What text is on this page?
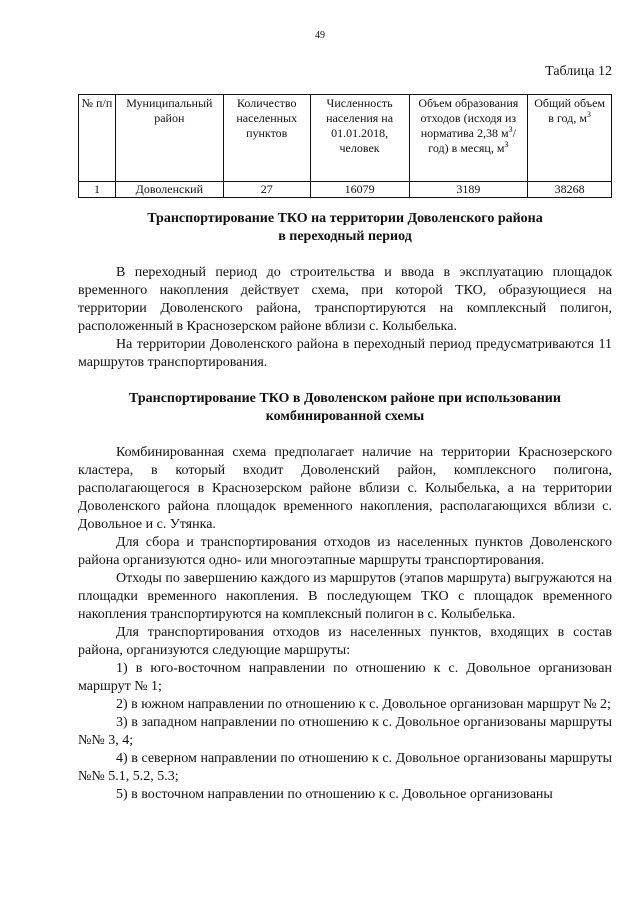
49
Таблица 12
№ п/п	Муниципальный район	Количество населенных пунктов	Численность населения на 01.01.2018, человек	Объем образования отходов (исходя из норматива 2,38 $м^3/год$) в месяц, $м^3$	Общий объем в год, $м^3$
1	Доволенский	27	16079	3189	38268
Транспортирование ТКО на территории Доволенского района
в переходный период

В переходный период до строительства и ввода в эксплуатацию площадок временного накопления действует схема, при которой ТКО, образующиеся на территории Доволенского района, транспортируются на комплексный полигон, расположенный в Краснозерском районе вблизи с. Колыбелька.

На территории Доволенского района в переходный период предусматриваются 11 маршрутов транспортирования.

Транспортирование ТКО в Доволенском районе при использовании
комбинированной схемы

Комбинированная схема предполагает наличие на территории Краснозерского кластера, в который входит Доволенский район, комплексного полигона, располагающегося в Краснозерском районе вблизи с. Колыбелька, а на территории Доволенского района площадок временного накопления, располагающихся вблизи с. Довольное и с. Утянка.

Для сбора и транспортирования отходов из населенных пунктов Доволенского района организуются одно- или многоэтапные маршруты транспортирования.

Отходы по завершению каждого из маршрутов (этапов маршрута) выгружаются на площадки временного накопления. В последующем ТКО с площадок временного накопления транспортируются на комплексный полигон в с. Колыбелька.

Для транспортирования отходов из населенных пунктов, входящих в состав района, организуются следующие маршруты:

1) в юго-восточном направлении по отношению к с. Довольное организован маршрут № 1;

2) в южном направлении по отношению к с. Довольное организован маршрут № 2;

3) в западном направлении по отношению к с. Довольное организованы маршруты №№ 3, 4;

4) в северном направлении по отношению к с. Довольное организованы маршруты №№ 5.1, 5.2, 5.3;

5) в восточном направлении по отношению к с. Довольное организованы
